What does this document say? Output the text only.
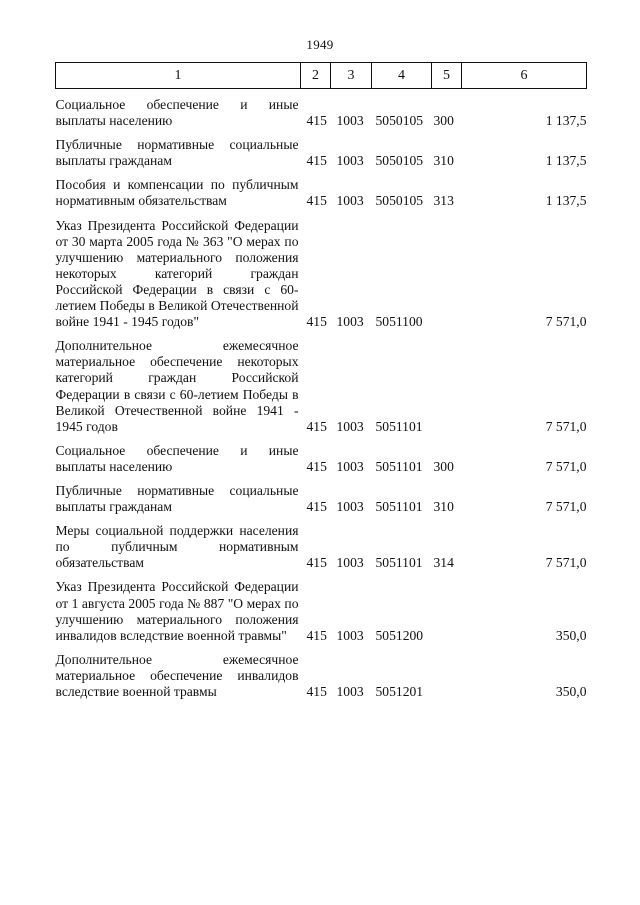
1949
1	2	3	4	5	6

Социальное обеспечение и иные выплаты населению	415	1003	5050105	300	1 137,5

Публичные нормативные социальные выплаты гражданам	415	1003	5050105	310	1 137,5

Пособия и компенсации по публичным нормативным обязательствам	415	1003	5050105	313	1 137,5

Указ Президента Российской Федерации от 30 марта 2005 года № 363 "О мерах по улучшению материального положения некоторых категорий граждан Российской Федерации в связи с 60-летием Победы в Великой Отечественной войне 1941 - 1945 годов"	415	1003	5051100		7 571,0

Дополнительное ежемесячное материальное обеспечение некоторых категорий граждан Российской Федерации в связи с 60-летием Победы в Великой Отечественной войне 1941 - 1945 годов	415	1003	5051101		7 571,0

Социальное обеспечение и иные выплаты населению	415	1003	5051101	300	7 571,0

Публичные нормативные социальные выплаты гражданам	415	1003	5051101	310	7 571,0

Меры социальной поддержки населения по публичным нормативным обязательствам	415	1003	5051101	314	7 571,0

Указ Президента Российской Федерации от 1 августа 2005 года № 887 "О мерах по улучшению материального положения инвалидов вследствие военной травмы"	415	1003	5051200		350,0

Дополнительное ежемесячное материальное обеспечение инвалидов вследствие военной травмы	415	1003	5051201		350,0
